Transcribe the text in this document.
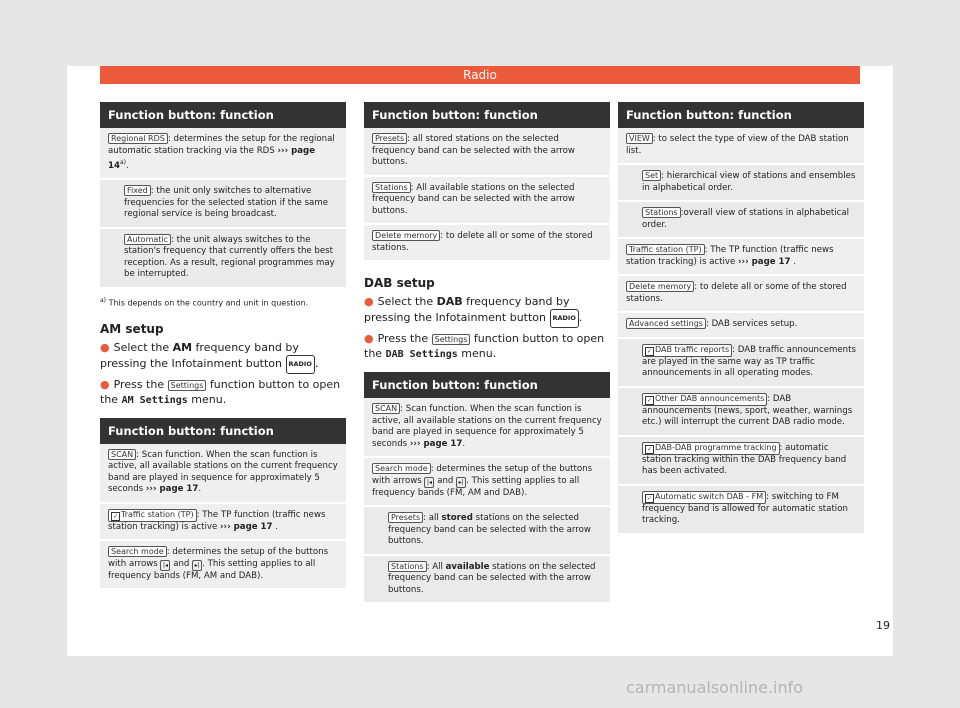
Radio
Function button: function
Regional RDS : determines the setup for the regional automatic station tracking via the RDS ››› page 14$^{a)}$.
Fixed : the unit only switches to alternative frequencies for the selected station if the same regional service is being broadcast.
Automatic : the unit always switches to the station's frequency that currently offers the best reception. As a result, regional programmes may be interrupted.
$^{a)}$ This depends on the country and unit in question.
AM setup
● Select the AM frequency band by pressing the Infotainment button RADIO .
● Press the Settings function button to open the AM Settings menu.
Function button: function
SCAN : Scan function. When the scan function is active, all available stations on the current frequency band are played in sequence for approximately 5 seconds ››› page 17.
✓ Traffic station (TP) : The TP function (traffic news station tracking) is active ››› page 17 .
Search mode : determines the setup of the buttons with arrows |◂ and ▸| . This setting applies to all frequency bands (FM, AM and DAB).
Function button: function
Presets : all stored stations on the selected frequency band can be selected with the arrow buttons.
Stations : All available stations on the selected frequency band can be selected with the arrow buttons.
Delete memory : to delete all or some of the stored stations.
DAB setup
● Select the DAB frequency band by pressing the Infotainment button RADIO .
● Press the Settings function button to open the DAB Settings menu.
Function button: function
SCAN : Scan function. When the scan function is active, all available stations on the current frequency band are played in sequence for approximately 5 seconds ››› page 17.
Search mode : determines the setup of the buttons with arrows |◂ and ▸| . This setting applies to all frequency bands (FM, AM and DAB).
Presets : all stored stations on the selected frequency band can be selected with the arrow buttons.
Stations : All available stations on the selected frequency band can be selected with the arrow buttons.
Function button: function
VIEW : to select the type of view of the DAB station list.
Set : hierarchical view of stations and ensembles in alphabetical order.
Stations :overall view of stations in alphabetical order.
Traffic station (TP) : The TP function (traffic news station tracking) is active ››› page 17 .
Delete memory : to delete all or some of the stored stations.
Advanced settings : DAB services setup.
✓ DAB traffic reports : DAB traffic announcements are played in the same way as TP traffic announcements in all operating modes.
✓ Other DAB announcements : DAB announcements (news, sport, weather, warnings etc.) will interrupt the current DAB radio mode.
✓ DAB-DAB programme tracking : automatic station tracking within the DAB frequency band has been activated.
✓ Automatic switch DAB - FM : switching to FM frequency band is allowed for automatic station tracking.
19
carmanualsonline.info
